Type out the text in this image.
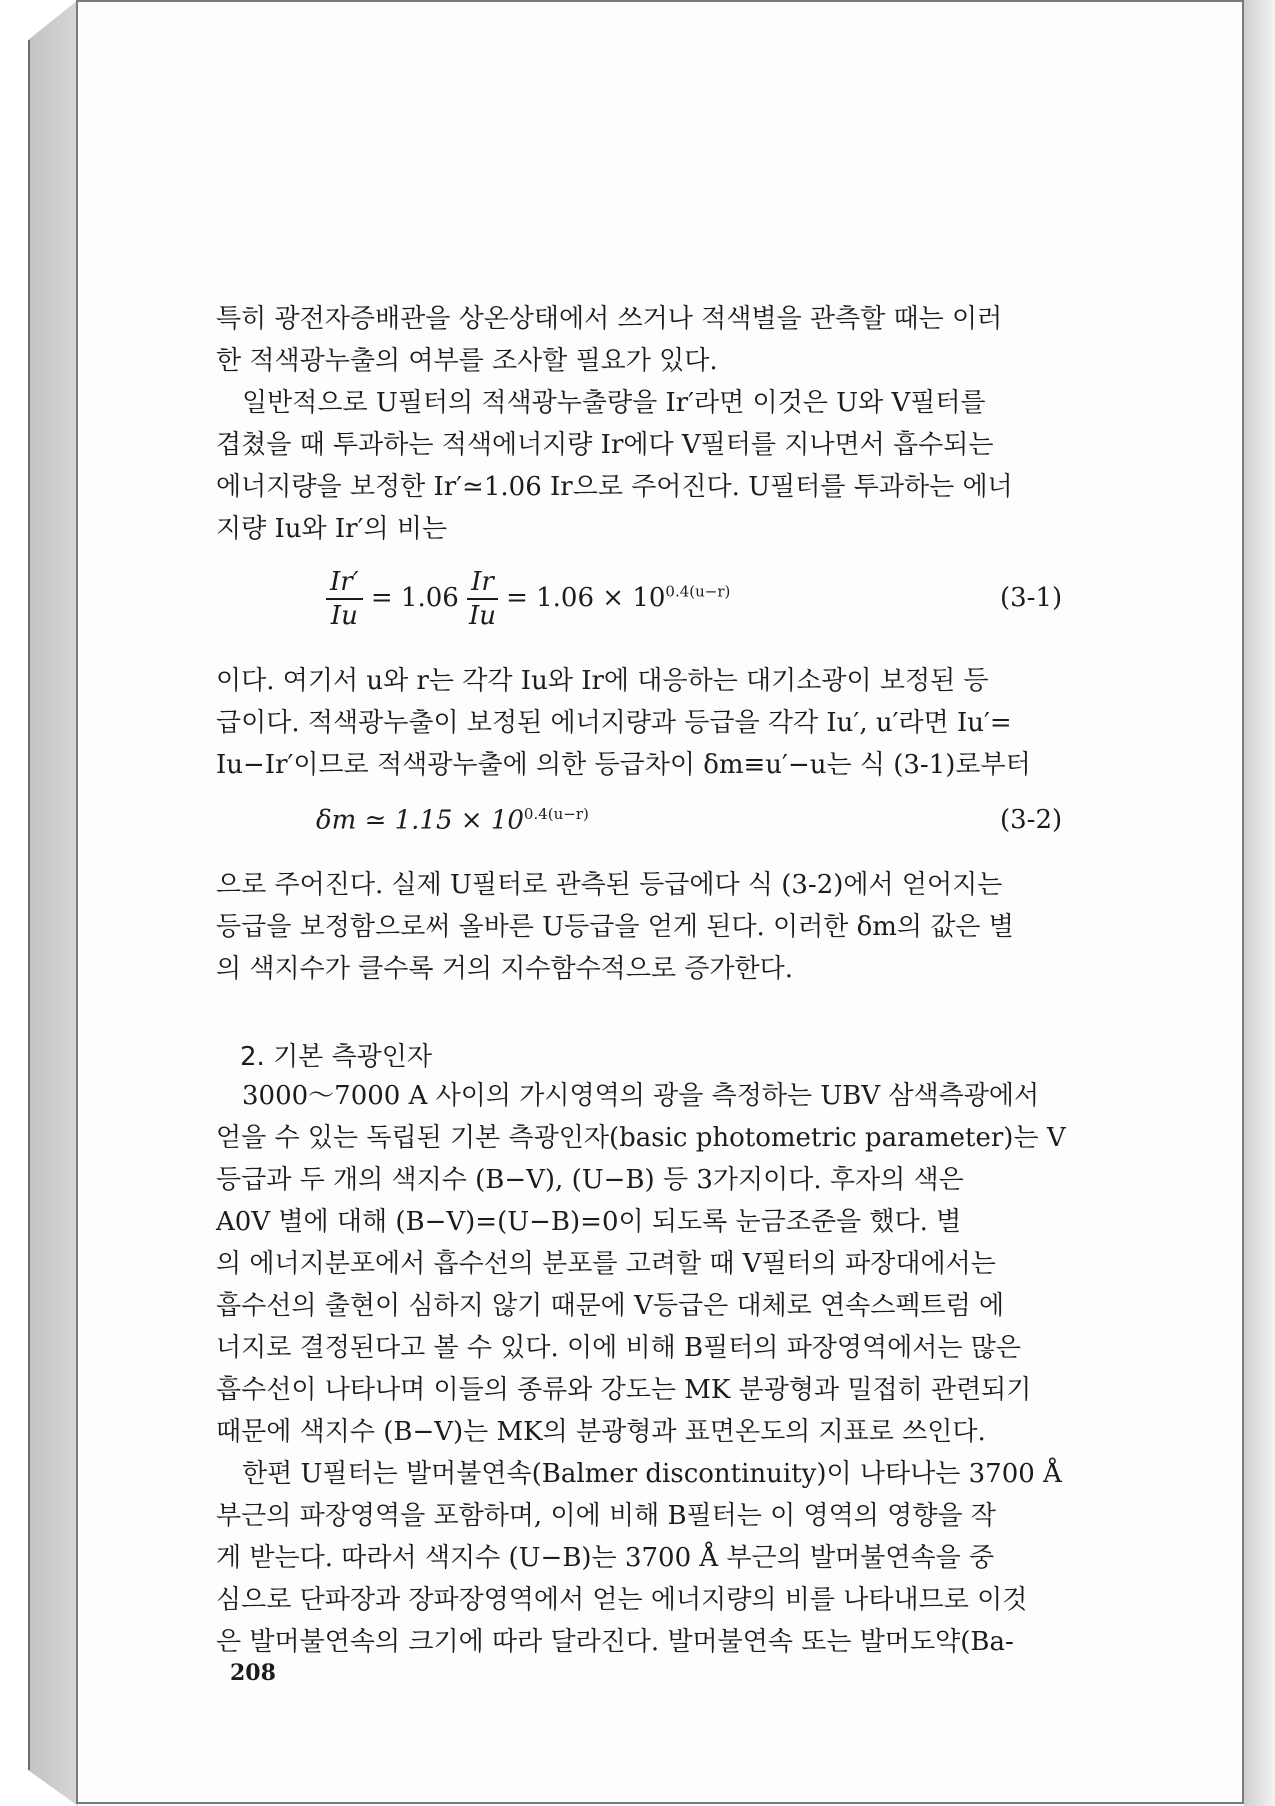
특히 광전자증배관을 상온상태에서 쓰거나 적색별을 관측할 때는 이러
한 적색광누출의 여부를 조사할 필요가 있다.
일반적으로 U필터의 적색광누출량을 Ir′라면 이것은 U와 V필터를
겹쳤을 때 투과하는 적색에너지량 Ir에다 V필터를 지나면서 흡수되는
에너지량을 보정한 Ir′≃1.06 Ir으로 주어진다. U필터를 투과하는 에너
지량 Iu와 Ir′의 비는
$\frac{Ir'}{Iu} = 1.06 \frac{Ir}{Iu} = 1.06 \times 10^{0.4(u-r)}$	(3-1)
이다. 여기서 u와 r는 각각 Iu와 Ir에 대응하는 대기소광이 보정된 등
급이다. 적색광누출이 보정된 에너지량과 등급을 각각 Iu′, u′라면 Iu′=
Iu−Ir′이므로 적색광누출에 의한 등급차이 δm≡u′−u는 식 (3-1)로부터
δm ≃ $1.15 \times 10^{0.4(u-r)}$	(3-2)
으로 주어진다. 실제 U필터로 관측된 등급에다 식 (3-2)에서 얻어지는
등급을 보정함으로써 올바른 U등급을 얻게 된다. 이러한 δm의 값은 별
의 색지수가 클수록 거의 지수함수적으로 증가한다.
2. 기본 측광인자
3000～7000 A 사이의 가시영역의 광을 측정하는 UBV 삼색측광에서
얻을 수 있는 독립된 기본 측광인자(basic photometric parameter)는 V
등급과 두 개의 색지수 (B−V), (U−B) 등 3가지이다. 후자의 색은
A0V 별에 대해 (B−V)=(U−B)=0이 되도록 눈금조준을 했다. 별
의 에너지분포에서 흡수선의 분포를 고려할 때 V필터의 파장대에서는
흡수선의 출현이 심하지 않기 때문에 V등급은 대체로 연속스펙트럼 에
너지로 결정된다고 볼 수 있다. 이에 비해 B필터의 파장영역에서는 많은
흡수선이 나타나며 이들의 종류와 강도는 MK 분광형과 밀접히 관련되기
때문에 색지수 (B−V)는 MK의 분광형과 표면온도의 지표로 쓰인다.
한편 U필터는 발머불연속(Balmer discontinuity)이 나타나는 3700 Å
부근의 파장영역을 포함하며, 이에 비해 B필터는 이 영역의 영향을 작
게 받는다. 따라서 색지수 (U−B)는 3700 Å 부근의 발머불연속을 중
심으로 단파장과 장파장영역에서 얻는 에너지량의 비를 나타내므로 이것
은 발머불연속의 크기에 따라 달라진다. 발머불연속 또는 발머도약(Ba-
208
